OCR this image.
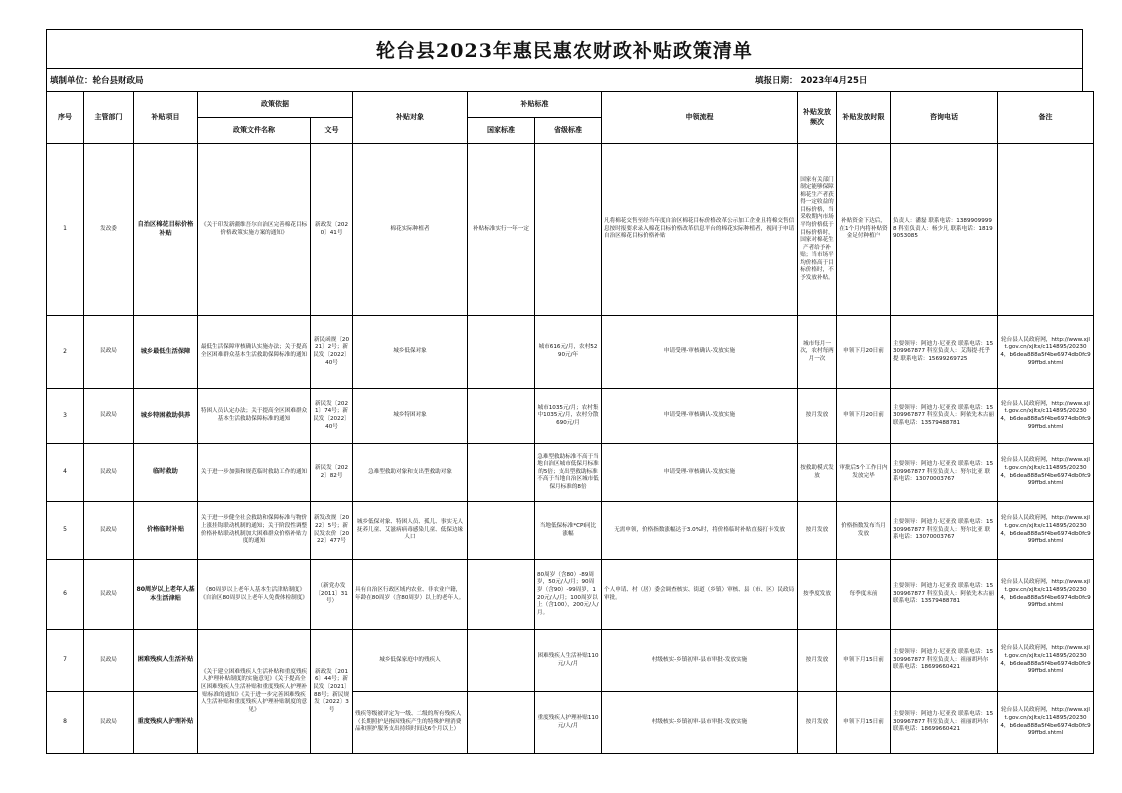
轮台县2023年惠民惠农财政补贴政策清单
填制单位：轮台县财政局	填报日期： 2023年4月25日
序号	主管部门	补贴项目	政策依据		补贴对象	补贴标准		申领流程	补贴发放频次	补贴发放时限	咨询电话	备注
			政策文件名称	文号		国家标准	省级标准					
1	发改委	自治区棉花目标价格补贴	《关于印发新疆维吾尔自治区完善棉花目标价格政策实施方案的通知》	新政发〔2020〕41号	棉花实际种植者	补贴标准实行一年一定		凡将棉花交售至经当年度自治区棉花目标价格改革公示加工企业且将棉交售信息按时报要求录入棉花目标价格改革信息平台的棉花实际种植者，视同于申请自治区棉花目标价格补贴	国家有关部门制定能够保障棉花生产者获得一定收益的目标价格，当采收期内市场平均价格低于目标价格时，国家对棉花生产者给予补贴；当市场平均价格高于目标价格时，不予发放补贴。	补贴资金下达后，在1个月内将补贴资金足付种植户	负责人：潘磊 联系电话：13899099998 科室负责人：杨少凡 联系电话：18199053085	
2	民政局	城乡最低生活保障	最低生活保障审核确认实施办法；关于提高全区困难群众基本生活救助保障标准的通知	新民函规〔2021〕2号；新民发〔2022〕40号	城乡低保对象		城市616元/月，农村5290元/年	申请受理-审核确认-发放实施	城市每月一次，农村每两月一次	申领下月20日前	主要领导：阿迪力·尼亚孜 联系电话：15309967877 科室负责人：艾海提·托乎提 联系电话：15699269725	轮台县人民政府网，http://www.xjlt.gov.cn/xjltx/c114895/202304，b6dea888a5f4be6974db0fc999ffbd.shtml
3	民政局	城乡特困救助供养	特困人员认定办法；关于提高全区困难群众基本生活救助保障标准的通知	新民发〔2021〕74号；新民发〔2022〕40号	城乡特困对象		城市1035元/月；农村集中1035元/月，农村分散690元/月	申请受理-审核确认-发放实施	按月发放	申领下月20日前	主要领导：阿迪力·尼亚孜 联系电话：15309967877 科室负责人：阿依先木古丽 联系电话：13579488781	轮台县人民政府网，http://www.xjlt.gov.cn/xjltx/c114895/202304，b6dea888a5f4be6974db0fc999ffbd.shtml
4	民政局	临时救助	关于进一步加强和规范临时救助工作的通知	新民发〔2022〕82号	急难型救助对象和支出型救助对象		急难型救助标准不高于当地自治区城市低保月标准的5倍；支出型救助标准不高于当地自治区城市低保月标准的8倍	申请受理-审核确认-发放实施	按救助模式发放	审批后5个工作日内发放完毕	主要领导：阿迪力·尼亚孜 联系电话：15309967877 科室负责人：努尔比亚 联系电话：13070003767	轮台县人民政府网，http://www.xjlt.gov.cn/xjltx/c114895/202304，b6dea888a5f4be6974db0fc999ffbd.shtml
5	民政局	价格临时补贴	关于进一步健全社会救助和保障标准与物价上涨挂钩联动机制的通知；关于阶段性调整价格补贴联动机制加大困难群众价格补贴力度的通知	新发改规〔2022〕5号；新民发农价〔2022〕477号	城乡低保对象、特困人员、孤儿、事实无人抚养儿童、艾滋病病毒感染儿童、低保边缘人口		当地低保标准*CPI同比涨幅	无需申领，价格指数涨幅达于3.0%时，将价格临时补贴直接打卡发放	按月发放	价格指数发布当月发放	主要领导：阿迪力·尼亚孜 联系电话：15309967877 科室负责人：努尔比亚 联系电话：13070003767	轮台县人民政府网，http://www.xjlt.gov.cn/xjltx/c114895/202304，b6dea888a5f4be6974db0fc999ffbd.shtml
6	民政局	80周岁以上老年人基本生活津贴	《80周岁以上老年人基本生活津贴制度》《自治区80周岁以上老年人免费体检制度》	（新党办发〔2011〕31号）	具有自治区行政区域内农业、非农业户籍，年龄在80周岁（含80周岁）以上的老年人。		80周岁（含80）-89周岁，50元/人/月；90周岁（含90）-99周岁，120元/人/月；100周岁以上（含100），200元/人/月。	个人申请、村（居）委会调查核实、街道（乡镇）审核、县（市、区）民政局审批。	按季度发放	每季度末前	主要领导：阿迪力·尼亚孜 联系电话：15309967877 科室负责人：阿依先木古丽 联系电话：13579488781	轮台县人民政府网，http://www.xjlt.gov.cn/xjltx/c114895/202304，b6dea888a5f4be6974db0fc999ffbd.shtml
7	民政局	困难残疾人生活补贴	《关于建立困难残疾人生活补贴和重度残疾人护理补贴制度的实施意见》《关于提高全区困难残疾人生活补贴和重度残疾人护理补贴标准的通知》《关于进一步完善困难残疾人生活补贴和重度残疾人护理补贴制度的意见》	新政发〔2016〕44号；新民发〔2021〕88号；新民规发〔2022〕3号	城乡低保家庭中的残疾人		困难残疾人生活补贴110元/人/月	村级核实-乡镇初审-县市审批-发放实施	按月发放	申领下月15日前	主要领导：阿迪力·尼亚孜 联系电话：15309967877 科室负责人：祖丽胡玛尔 联系电话：18699660421	轮台县人民政府网，http://www.xjlt.gov.cn/xjltx/c114895/202304，b6dea888a5f4be6974db0fc999ffbd.shtml
8	民政局	重度残疾人护理补贴			残疾等级被评定为一级、二级的所有残疾人（长期照护是指因残疾产生的特殊护理消费品和照护服务支出持续时间达6个月以上）		重度残疾人护理补贴110元/人/月	村级核实-乡镇初审-县市审批-发放实施	按月发放	申领下月15日前	主要领导：阿迪力·尼亚孜 联系电话：15309967877 科室负责人：祖丽胡玛尔 联系电话：18699660421	轮台县人民政府网，http://www.xjlt.gov.cn/xjltx/c114895/202304，b6dea888a5f4be6974db0fc999ffbd.shtml
